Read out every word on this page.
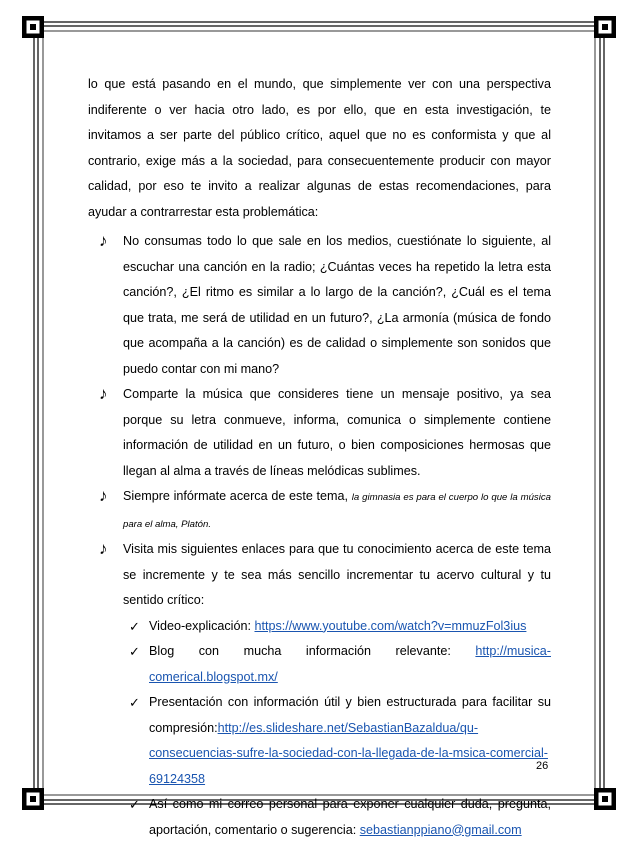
lo que está pasando en el mundo, que simplemente ver con una perspectiva indiferente o ver hacia otro lado, es por ello, que en esta investigación, te invitamos a ser parte del público crítico, aquel que no es conformista y que al contrario, exige más a la sociedad, para consecuentemente producir con mayor calidad, por eso te invito a realizar algunas de estas recomendaciones, para ayudar a contrarrestar esta problemática:

♪ No consumas todo lo que sale en los medios, cuestiónate lo siguiente, al escuchar una canción en la radio; ¿Cuántas veces ha repetido la letra esta canción?, ¿El ritmo es similar a lo largo de la canción?, ¿Cuál es el tema que trata, me será de utilidad en un futuro?, ¿La armonía (música de fondo que acompaña a la canción) es de calidad o simplemente son sonidos que puedo contar con mi mano?
♪ Comparte la música que consideres tiene un mensaje positivo, ya sea porque su letra conmueve, informa, comunica o simplemente contiene información de utilidad en un futuro, o bien composiciones hermosas que llegan al alma a través de líneas melódicas sublimes.
♪ Siempre infórmate acerca de este tema, la gimnasia es para el cuerpo lo que la música para el alma, Platón.
♪ Visita mis siguientes enlaces para que tu conocimiento acerca de este tema se incremente y te sea más sencillo incrementar tu acervo cultural y tu sentido crítico:
✓ Video-explicación: https://www.youtube.com/watch?v=mmuzFol3ius
✓ Blog con mucha información relevante: http://musica-comerical.blogspot.mx/
✓ Presentación con información útil y bien estructurada para facilitar su compresión:http://es.slideshare.net/SebastianBazaldua/qu-consecuencias-sufre-la-sociedad-con-la-llegada-de-la-msica-comercial-69124358
✓ Así como mi correo personal para exponer cualquier duda, pregunta, aportación, comentario o sugerencia: sebastianppiano@gmail.com
26
